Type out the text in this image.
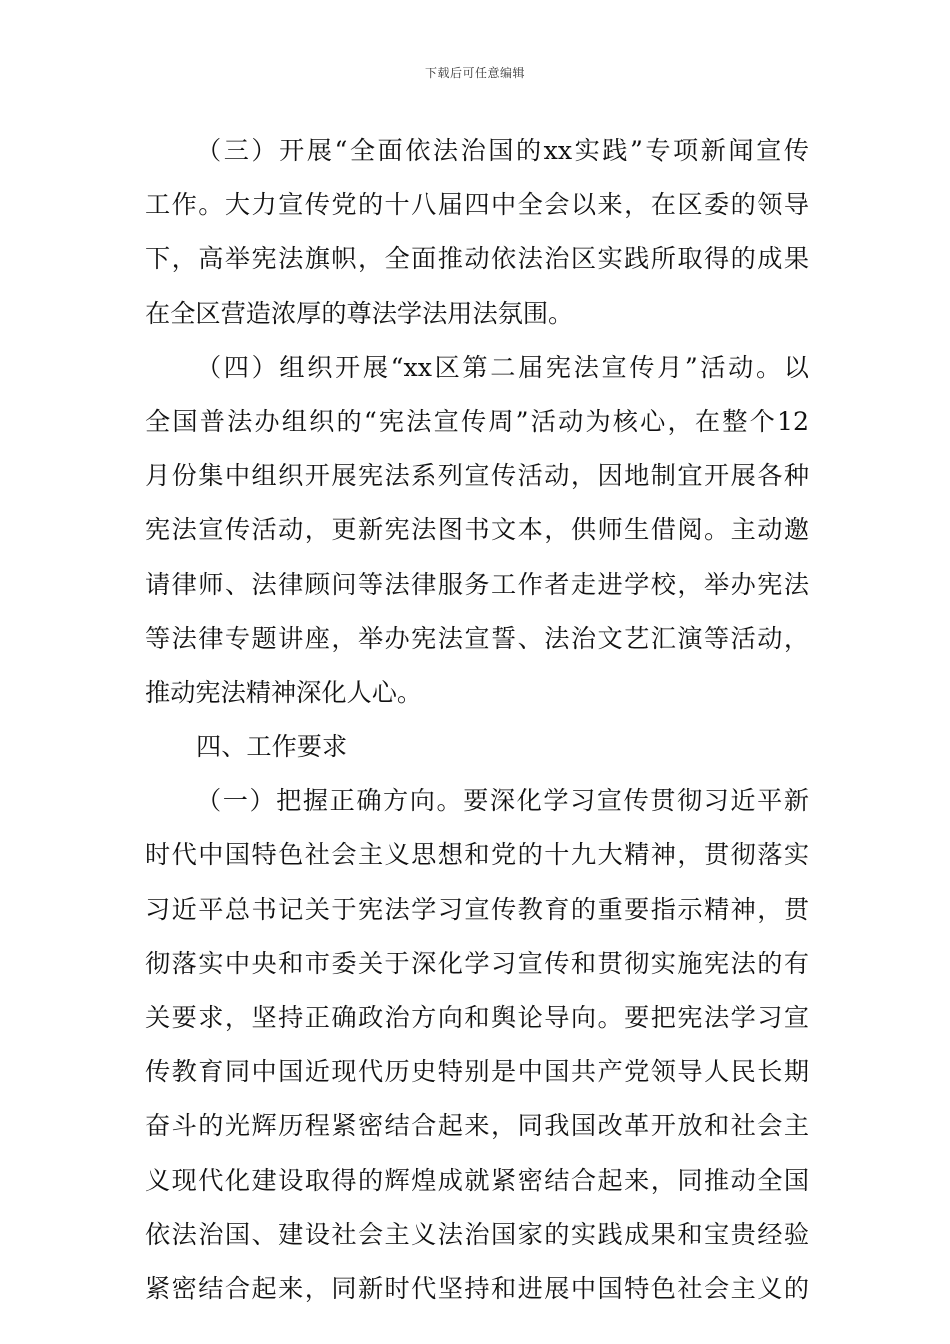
下载后可任意编辑
（三）开展“全面依法治国的xx实践”专项新闻宣传
工作。大力宣传党的十八届四中全会以来，在区委的领导
下，高举宪法旗帜，全面推动依法治区实践所取得的成果
在全区营造浓厚的尊法学法用法氛围。
（四）组织开展“xx区第二届宪法宣传月”活动。以
全国普法办组织的“宪法宣传周”活动为核心，在整个12
月份集中组织开展宪法系列宣传活动，因地制宜开展各种
宪法宣传活动，更新宪法图书文本，供师生借阅。主动邀
请律师、法律顾问等法律服务工作者走进学校，举办宪法
等法律专题讲座，举办宪法宣誓、法治文艺汇演等活动，
推动宪法精神深化人心。
四、工作要求
（一）把握正确方向。要深化学习宣传贯彻习近平新
时代中国特色社会主义思想和党的十九大精神，贯彻落实
习近平总书记关于宪法学习宣传教育的重要指示精神，贯
彻落实中央和市委关于深化学习宣传和贯彻实施宪法的有
关要求，坚持正确政治方向和舆论导向。要把宪法学习宣
传教育同中国近现代历史特别是中国共产党领导人民长期
奋斗的光辉历程紧密结合起来，同我国改革开放和社会主
义现代化建设取得的辉煌成就紧密结合起来，同推动全国
依法治国、建设社会主义法治国家的实践成果和宝贵经验
紧密结合起来，同新时代坚持和进展中国特色社会主义的
